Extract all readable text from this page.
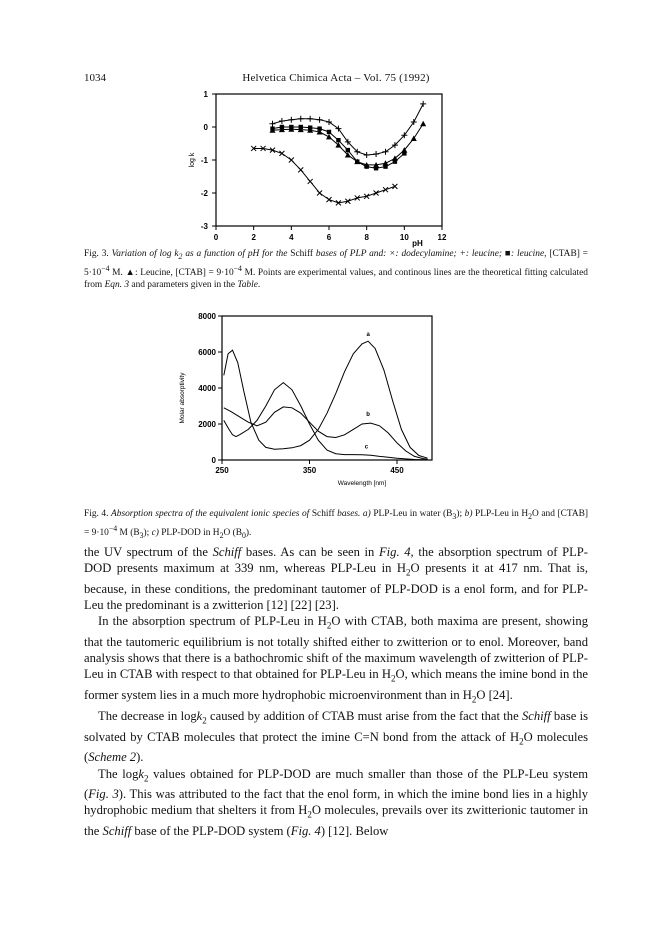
1034	Helvetica Chimica Acta – Vol. 75 (1992)
1
0
-1
-2
-3
0	2	4	6	8	10	12
pH
log k
Fig. 3. Variation of $\log k_2$ as a function of pH for the Schiff bases of PLP and: ×: dodecylamine; +: leucine; ■: leucine, [CTAB] = $5\cdot 10^{-4}$ M. ▲: Leucine, [CTAB] = $9\cdot 10^{-4}$ M. Points are experimental values, and continous lines are the theoretical fitting calculated from Eqn. 3 and parameters given in the Table.
0
2000
4000
6000
8000
250	350	450
Wavelength [nm]
Molar absorptivity
a
b
c
Fig. 4. Absorption spectra of the equivalent ionic species of Schiff bases. a) PLP-Leu in water $(B_3)$; b) PLP-Leu in $H_2O$ and [CTAB] = $9\cdot 10^{-4}$ M $(B_3)$; c) PLP-DOD in $H_2O$ $(B_0)$.

the UV spectrum of the Schiff bases. As can be seen in Fig. 4, the absorption spectrum of PLP-DOD presents maximum at 339 nm, whereas PLP-Leu in $H_2O$ presents it at 417 nm. That is, because, in these conditions, the predominant tautomer of PLP-DOD is a enol form, and for PLP-Leu the predominant is a zwitterion [12] [22] [23].

In the absorption spectrum of PLP-Leu in $H_2O$ with CTAB, both maxima are present, showing that the tautomeric equilibrium is not totally shifted either to zwitterion or to enol. Moreover, band analysis shows that there is a bathochromic shift of the maximum wavelength of zwitterion of PLP-Leu in CTAB with respect to that obtained for PLP-Leu in $H_2O$, which means the imine bond in the former system lies in a much more hydrophobic microenvironment than in $H_2O$ [24].

The decrease in logk$_2$ caused by addition of CTAB must arise from the fact that the Schiff base is solvated by CTAB molecules that protect the imine C=N bond from the attack of $H_2O$ molecules (Scheme 2).

The logk$_2$ values obtained for PLP-DOD are much smaller than those of the PLP-Leu system (Fig. 3). This was attributed to the fact that the enol form, in which the imine bond lies in a highly hydrophobic medium that shelters it from $H_2O$ molecules, prevails over its zwitterionic tautomer in the Schiff base of the PLP-DOD system (Fig. 4) [12]. Below
